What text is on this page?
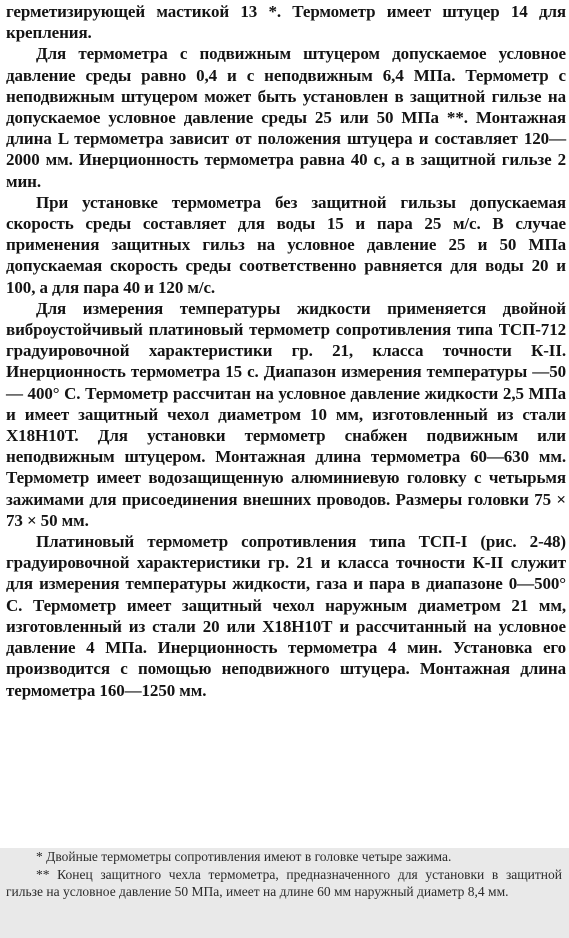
герметизирующей мастикой 13 *. Термометр имеет штуцер 14 для крепления.

Для термометра с подвижным штуцером допускаемое условное давление среды равно 0,4 и с неподвижным 6,4 МПа. Термометр с неподвижным штуцером может быть установлен в защитной гильзе на допускаемое условное давление среды 25 или 50 МПа **. Монтажная длина L термометра зависит от положения штуцера и составляет 120—2000 мм. Инерционность термометра равна 40 с, а в защитной гильзе 2 мин.

При установке термометра без защитной гильзы допускаемая скорость среды составляет для воды 15 и пара 25 м/с. В случае применения защитных гильз на условное давление 25 и 50 МПа допускаемая скорость среды соответственно равняется для воды 20 и 100, а для пара 40 и 120 м/с.

Для измерения температуры жидкости применяется двойной виброустойчивый платиновый термометр сопротивления типа ТСП-712 градуировочной характеристики гр. 21, класса точности К-II. Инерционность термометра 15 с. Диапазон измерения температуры —50 — 400° С. Термометр рассчитан на условное давление жидкости 2,5 МПа и имеет защитный чехол диаметром 10 мм, изготовленный из стали Х18Н10Т. Для установки термометр снабжен подвижным или неподвижным штуцером. Монтажная длина термометра 60—630 мм. Термометр имеет водозащищенную алюминиевую головку с четырьмя зажимами для присоединения внешних проводов. Размеры головки 75 × 73 × 50 мм.

Платиновый термометр сопротивления типа ТСП-I (рис. 2-48) градуировочной характеристики гр. 21 и класса точности К-II служит для измерения температуры жидкости, газа и пара в диапазоне 0—500° С. Термометр имеет защитный чехол наружным диаметром 21 мм, изготовленный из стали 20 или Х18Н10Т и рассчитанный на условное давление 4 МПа. Инерционность термометра 4 мин. Установка его производится с помощью неподвижного штуцера. Монтажная длина термометра 160—1250 мм.

* Двойные термометры сопротивления имеют в головке четыре зажима.

** Конец защитного чехла термометра, предназначенного для установки в защитной гильзе на условное давление 50 МПа, имеет на длине 60 мм наружный диаметр 8,4 мм.
